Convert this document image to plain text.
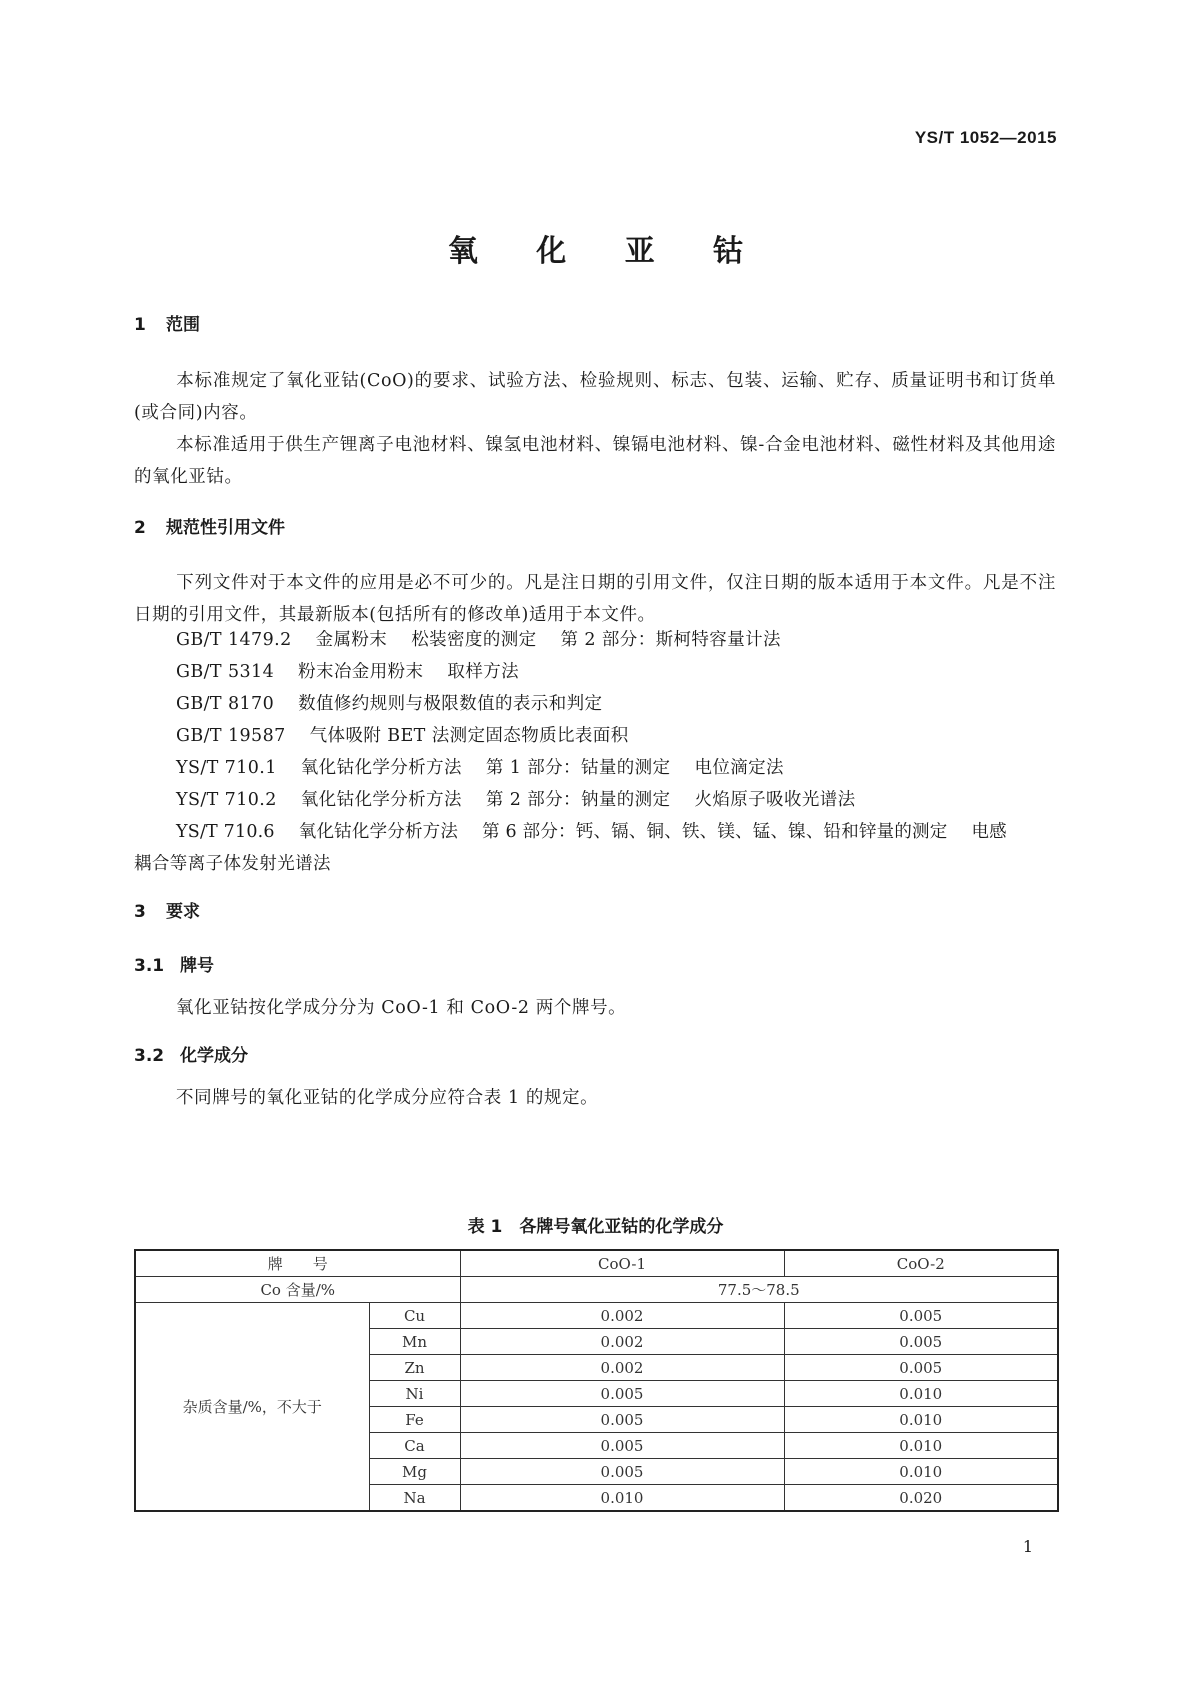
YS/T 1052—2015
氧 化 亚 钴
1 范围
本标准规定了氧化亚钴(CoO)的要求、试验方法、检验规则、标志、包装、运输、贮存、质量证明书和订货单(或合同)内容。
本标准适用于供生产锂离子电池材料、镍氢电池材料、镍镉电池材料、镍-合金电池材料、磁性材料及其他用途的氧化亚钴。
2 规范性引用文件
下列文件对于本文件的应用是必不可少的。凡是注日期的引用文件，仅注日期的版本适用于本文件。凡是不注日期的引用文件，其最新版本(包括所有的修改单)适用于本文件。
GB/T 1479.2 金属粉末 松装密度的测定 第 2 部分：斯柯特容量计法
GB/T 5314 粉末冶金用粉末 取样方法
GB/T 8170 数值修约规则与极限数值的表示和判定
GB/T 19587 气体吸附 BET 法测定固态物质比表面积
YS/T 710.1 氧化钴化学分析方法 第 1 部分：钴量的测定 电位滴定法
YS/T 710.2 氧化钴化学分析方法 第 2 部分：钠量的测定 火焰原子吸收光谱法
YS/T 710.6 氧化钴化学分析方法 第 6 部分：钙、镉、铜、铁、镁、锰、镍、铅和锌量的测定 电感
耦合等离子体发射光谱法
3 要求
3.1 牌号
氧化亚钴按化学成分分为 CoO-1 和 CoO-2 两个牌号。
3.2 化学成分
不同牌号的氧化亚钴的化学成分应符合表 1 的规定。
表 1　各牌号氧化亚钴的化学成分
牌　　号		CoO-1	CoO-2
Co 含量/%		77.5～78.5	
杂质含量/%，不大于	Cu	0.002	0.005
	Mn	0.002	0.005
	Zn	0.002	0.005
	Ni	0.005	0.010
	Fe	0.005	0.010
	Ca	0.005	0.010
	Mg	0.005	0.010
	Na	0.010	0.020
1
